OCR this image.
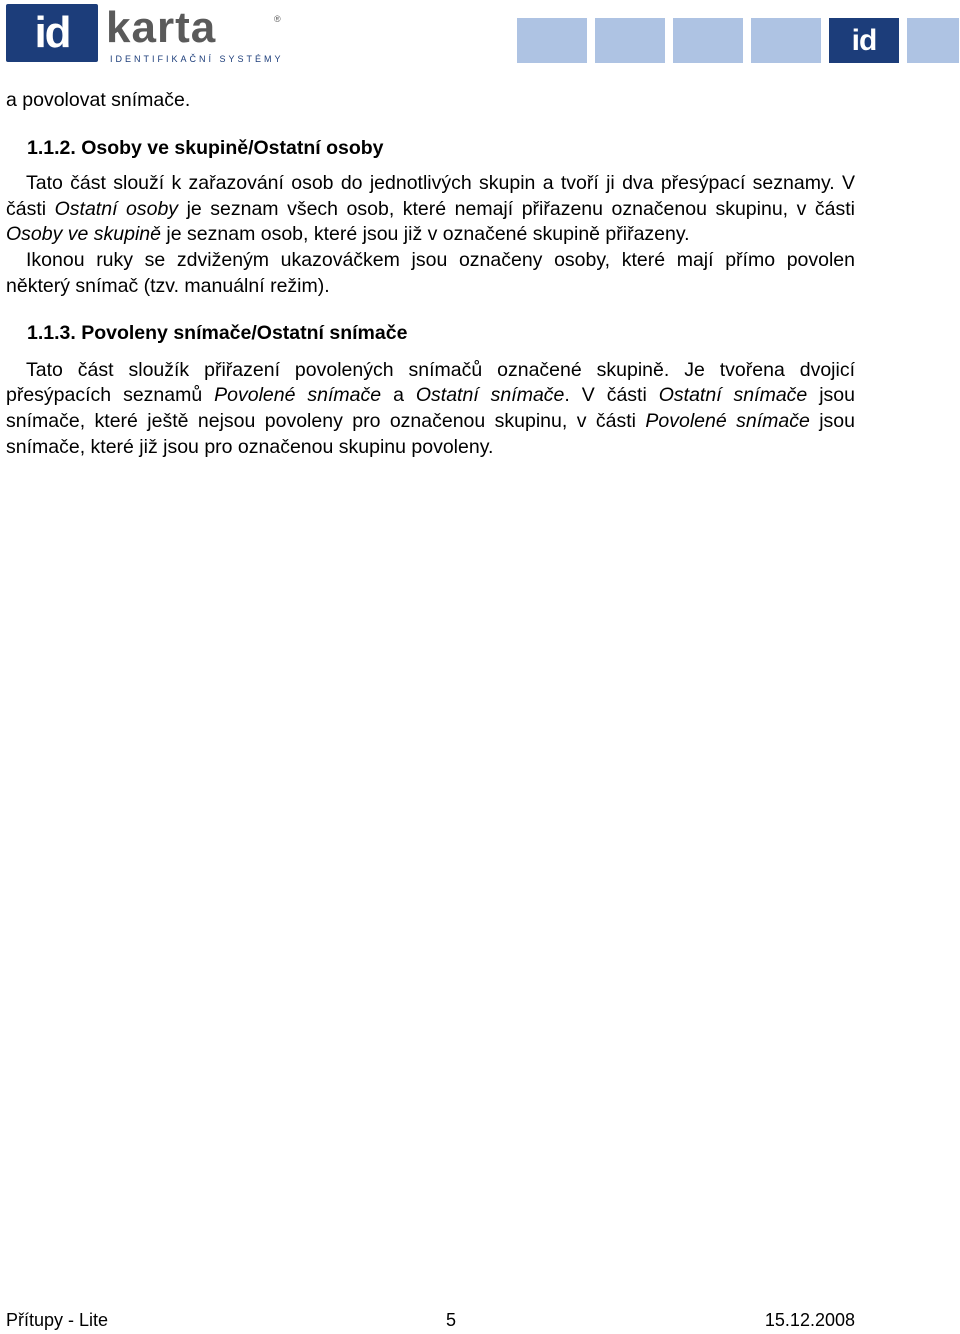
id karta	®
IDENTIFIKAČNÍ SYSTÉMY
id

a povolovat snímače.

1.1.2. Osoby ve skupině/Ostatní osoby

Tato část slouží k zařazování osob do jednotlivých skupin a tvoří ji dva přesýpací seznamy. V části Ostatní osoby je seznam všech osob, které nemají přiřazenu označenou skupinu, v části Osoby ve skupině je seznam osob, které jsou již v označené skupině přiřazeny.

Ikonou ruky se zdviženým ukazováčkem jsou označeny osoby, které mají přímo povolen některý snímač (tzv. manuální režim).

1.1.3. Povoleny snímače/Ostatní snímače

Tato část sloužík přiřazení povolených snímačů označené skupině. Je tvořena dvojicí přesýpacích seznamů Povolené snímače a Ostatní snímače. V části Ostatní snímače jsou snímače, které ještě nejsou povoleny pro označenou skupinu, v části Povolené snímače jsou snímače, které již jsou pro označenou skupinu povoleny.

Přítupy - Lite	5	15.12.2008
